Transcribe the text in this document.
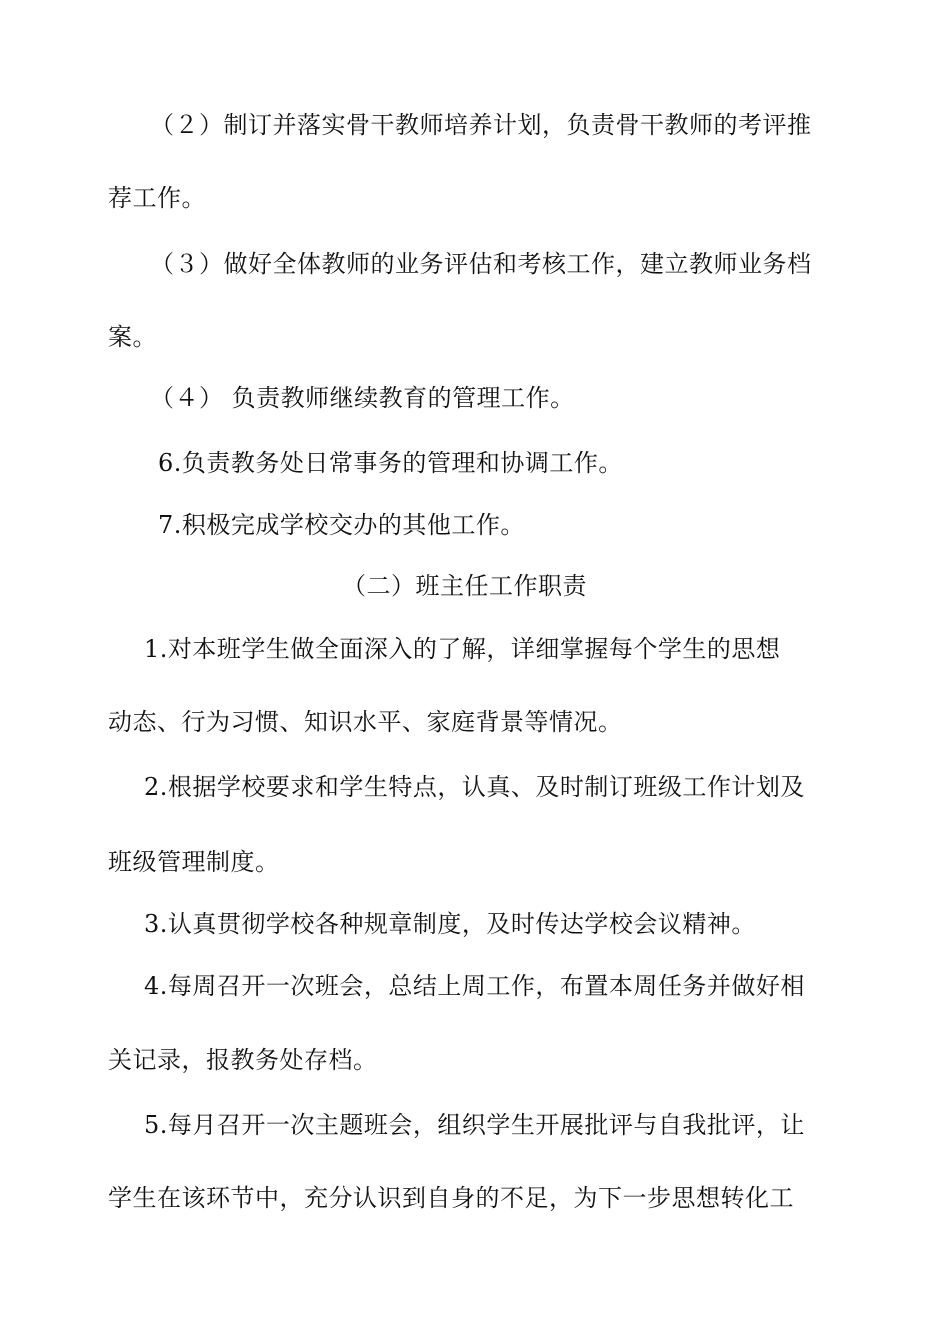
（２）制订并落实骨干教师培养计划，负责骨干教师的考评推
荐工作。
（３）做好全体教师的业务评估和考核工作，建立教师业务档
案。
（４） 负责教师继续教育的管理工作。
6.负责教务处日常事务的管理和协调工作。
7.积极完成学校交办的其他工作。
（二）班主任工作职责
1.对本班学生做全面深入的了解，详细掌握每个学生的思想
动态、行为习惯、知识水平、家庭背景等情况。
2.根据学校要求和学生特点，认真、及时制订班级工作计划及
班级管理制度。
3.认真贯彻学校各种规章制度，及时传达学校会议精神。
4.每周召开一次班会，总结上周工作，布置本周任务并做好相
关记录，报教务处存档。
5.每月召开一次主题班会，组织学生开展批评与自我批评，让
学生在该环节中，充分认识到自身的不足，为下一步思想转化工
